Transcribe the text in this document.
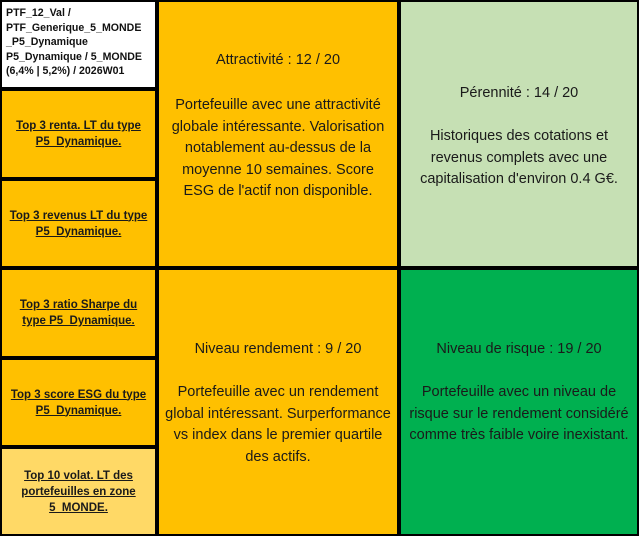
PTF_12_Val /
PTF_Generique_5_MONDE
_P5_Dynamique
P5_Dynamique / 5_MONDE
(6,4% | 5,2%) / 2026W01
Top 3 renta. LT du type P5_Dynamique.
Top 3 revenus LT du type P5_Dynamique.
Top 3 ratio Sharpe du type P5_Dynamique.
Top 3 score ESG du type P5_Dynamique.
Top 10 volat. LT des portefeuilles en zone 5_MONDE.
Attractivité : 12 / 20
Portefeuille avec une attractivité globale intéressante. Valorisation notablement au-dessus de la moyenne 10 semaines. Score ESG de l'actif non disponible.
Pérennité : 14 / 20
Historiques des cotations et revenus complets avec une capitalisation d'environ 0.4 G€.
Niveau rendement : 9 / 20
Portefeuille avec un rendement global intéressant. Surperformance vs index dans le premier quartile des actifs.
Niveau de risque : 19 / 20
Portefeuille avec un niveau de risque sur le rendement considéré comme très faible voire inexistant.
